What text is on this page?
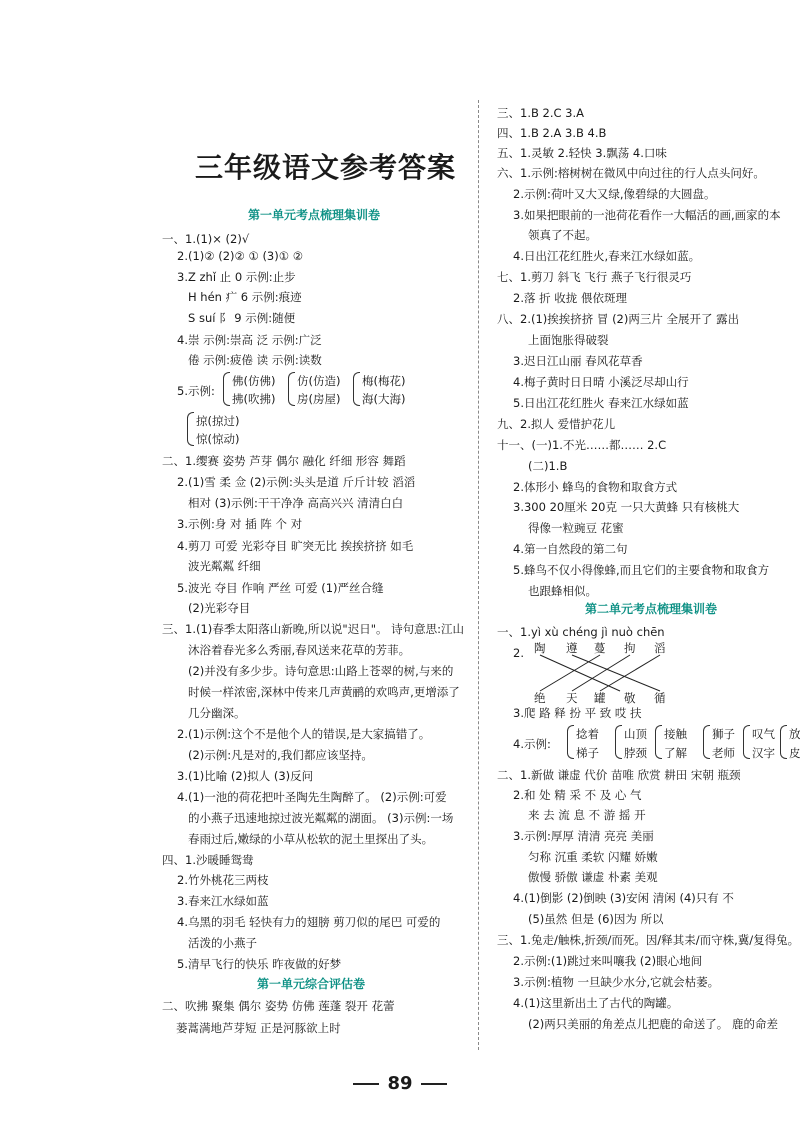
三年级语文参考答案
第一单元考点梳理集训卷
第一单元综合评估卷
第二单元考点梳理集训卷
89
一、1.(1)× (2)√
2.(1)② (2)② ① (3)① ②
3.Z zhǐ 止 0 示例:止步
H hén 疒 6 示例:痕迹
S suí 阝 9 示例:随便
4.崇 示例:崇高 泛 示例:广泛
倦 示例:疲倦 读 示例:读数
5.示例:
佛(仿佛)
拂(吹拂)
仿(仿造)
房(房屋)
梅(梅花)
海(大海)
掠(掠过)
惊(惊动)
二、1.缨赛 姿势 芦芽 偶尔 融化 纤细 形容 舞蹈
2.(1)雪 柔 佥 (2)示例:头头是道 斤斤计较 滔滔
相对 (3)示例:干干净净 高高兴兴 清清白白
3.示例:身 对 插 阵 个 对
4.剪刀 可爱 光彩夺目 旷突无比 挨挨挤挤 如毛
波光粼粼 纤细
5.波光 夺目 作响 严丝 可爱 (1)严丝合缝
(2)光彩夺目
三、1.(1)春季太阳落山新晚,所以说"迟日"。 诗句意思:江山
沐浴着春光多么秀丽,春风送来花草的芳菲。
(2)并没有多少步。诗句意思:山路上苍翠的树,与来的
时候一样浓密,深林中传来几声黄鹂的欢鸣声,更增添了
几分幽深。
2.(1)示例:这个不是他个人的错误,是大家搞错了。
(2)示例:凡是对的,我们都应该坚持。
3.(1)比喻 (2)拟人 (3)反问
4.(1)一池的荷花把叶圣陶先生陶醉了。 (2)示例:可爱
的小燕子迅速地掠过波光粼粼的湖面。 (3)示例:一场
春雨过后,嫩绿的小草从松软的泥土里探出了头。
四、1.沙暖睡鸳鸯
2.竹外桃花三两枝
3.春来江水绿如蓝
4.乌黑的羽毛 轻快有力的翅膀 剪刀似的尾巴 可爱的
活泼的小燕子
5.清早飞行的快乐 昨夜做的好梦
二、吹拂 聚集 偶尔 姿势 仿佛 莲蓬 裂开 花蕾
蒌蒿满地芦芽短 正是河豚欲上时
三、1.B 2.C 3.A
四、1.B 2.A 3.B 4.B
五、1.灵敏 2.轻快 3.飘荡 4.口味
六、1.示例:榕树树在微风中向过往的行人点头问好。
2.示例:荷叶又大又绿,像碧绿的大圆盘。
3.如果把眼前的一池荷花看作一大幅活的画,画家的本
领真了不起。
4.日出江花红胜火,春来江水绿如蓝。
七、1.剪刀 斜飞 飞行 燕子飞行很灵巧
2.落 折 收拢 偎依斑理
八、2.(1)挨挨挤挤 冒 (2)两三片 全展开了 露出
上面饱胀得破裂
3.迟日江山丽 春风花草香
4.梅子黄时日日晴 小溪泛尽却山行
5.日出江花红胜火 春来江水绿如蓝
九、2.拟人 爱惜护花儿
十一、(一)1.不光……都…… 2.C
(二)1.B
2.体形小 蜂鸟的食物和取食方式
3.300 20厘米 20克 一只大黄蜂 只有核桃大
得像一粒豌豆 花蜜
4.第一自然段的第二句
5.蜂鸟不仅小得像蜂,而且它们的主要食物和取食方
也跟蜂相似。
一、1.yì xù chéng jì nuò chēn
2.
3.爬 路 释 扮 平 致 哎 扶
4.示例:
捻着
梯子
山顶
脖颈
接触
了解
狮子
老师
叹气
汉字
放
皮
二、1.新做 谦虚 代价 苗唯 欣赏 耕田 宋朝 瓶颈
2.和 处 精 采 不 及 心 气
来 去 流 息 不 游 摇 开
3.示例:厚厚 清清 亮亮 美丽
匀称 沉重 柔软 闪耀 娇嫩
傲慢 骄傲 谦虚 朴素 美观
4.(1)倒影 (2)倒映 (3)安闲 清闲 (4)只有 不
(5)虽然 但是 (6)因为 所以
三、1.兔走/触株,折颈/而死。因/释其耒/而守株,冀/复得兔。
2.示例:(1)跳过来叫嚷我 (2)眼心地间
3.示例:植物 一旦缺少水分,它就会枯萎。
4.(1)这里新出土了古代的陶罐。
(2)两只美丽的角差点儿把鹿的命送了。 鹿的命差
陶 遵 蔓 拘 滔
绝 天 罐 敬 循
